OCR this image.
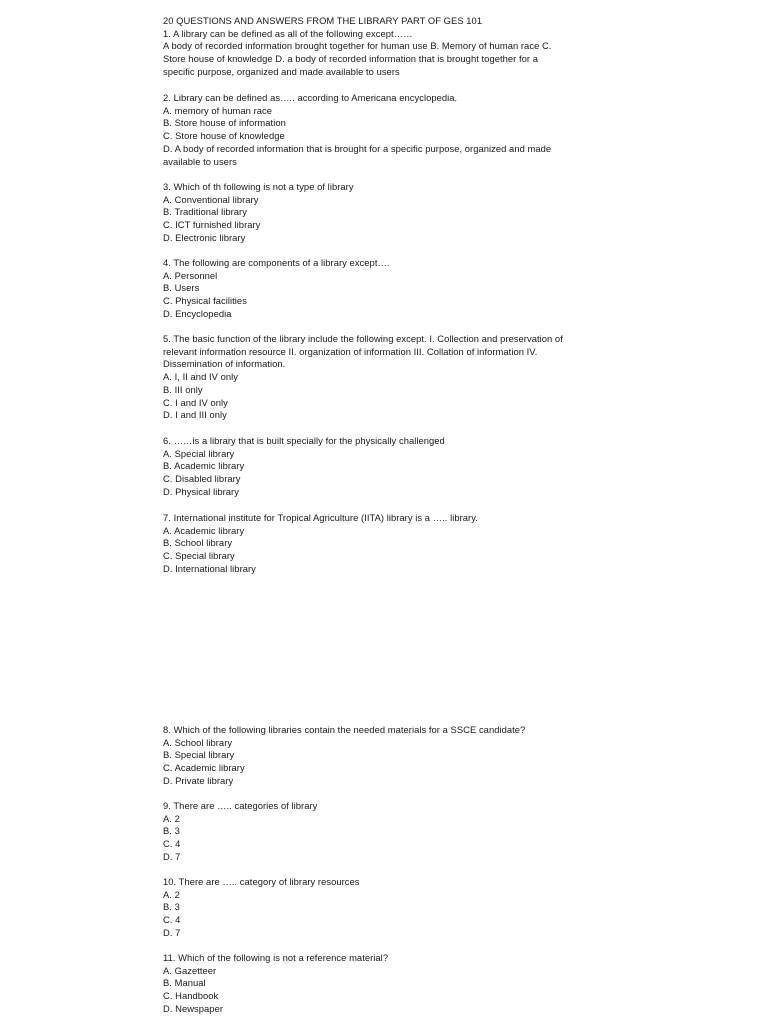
20 QUESTIONS AND ANSWERS FROM THE LIBRARY PART OF GES 101
1. A library can be defined as all of the following except……
A body of recorded information brought together for human use B. Memory of human race C.
Store house of knowledge D. a body of recorded information that is brought together for a
specific purpose, organized and made available to users
2. Library can be defined as….. according to Americana encyclopedia.
A. memory of human race
B. Store house of information
C. Store house of knowledge
D. A body of recorded information that is brought for a specific purpose, organized and made
available to users
3. Which of th following is not a type of library
A. Conventional library
B. Traditional library
C. ICT furnished library
D. Electronic library
4. The following are components of a library except….
A. Personnel
B. Users
C. Physical facilities
D. Encyclopedia
5. The basic function of the library include the following except. I. Collection and preservation of
relevant information resource II. organization of information III. Collation of information IV.
Dissemination of information.
A. I, II and IV only
B. III only
C. I and IV only
D. I and III only
6. ……is a library that is built specially for the physically challenged
A. Special library
B. Academic library
C. Disabled library
D. Physical library
7. International institute for Tropical Agriculture (IITA) library is a ….. library.
A. Academic library
B. School library
C. Special library
D. International library
8. Which of the following libraries contain the needed materials for a SSCE candidate?
A. School library
B. Special library
C. Academic library
D. Private library
9. There are ….. categories of library
A. 2
B. 3
C. 4
D. 7
10. There are ….. category of library resources
A. 2
B. 3
C. 4
D. 7
11. Which of the following is not a reference material?
A. Gazetteer
B. Manual
C. Handbook
D. Newspaper
